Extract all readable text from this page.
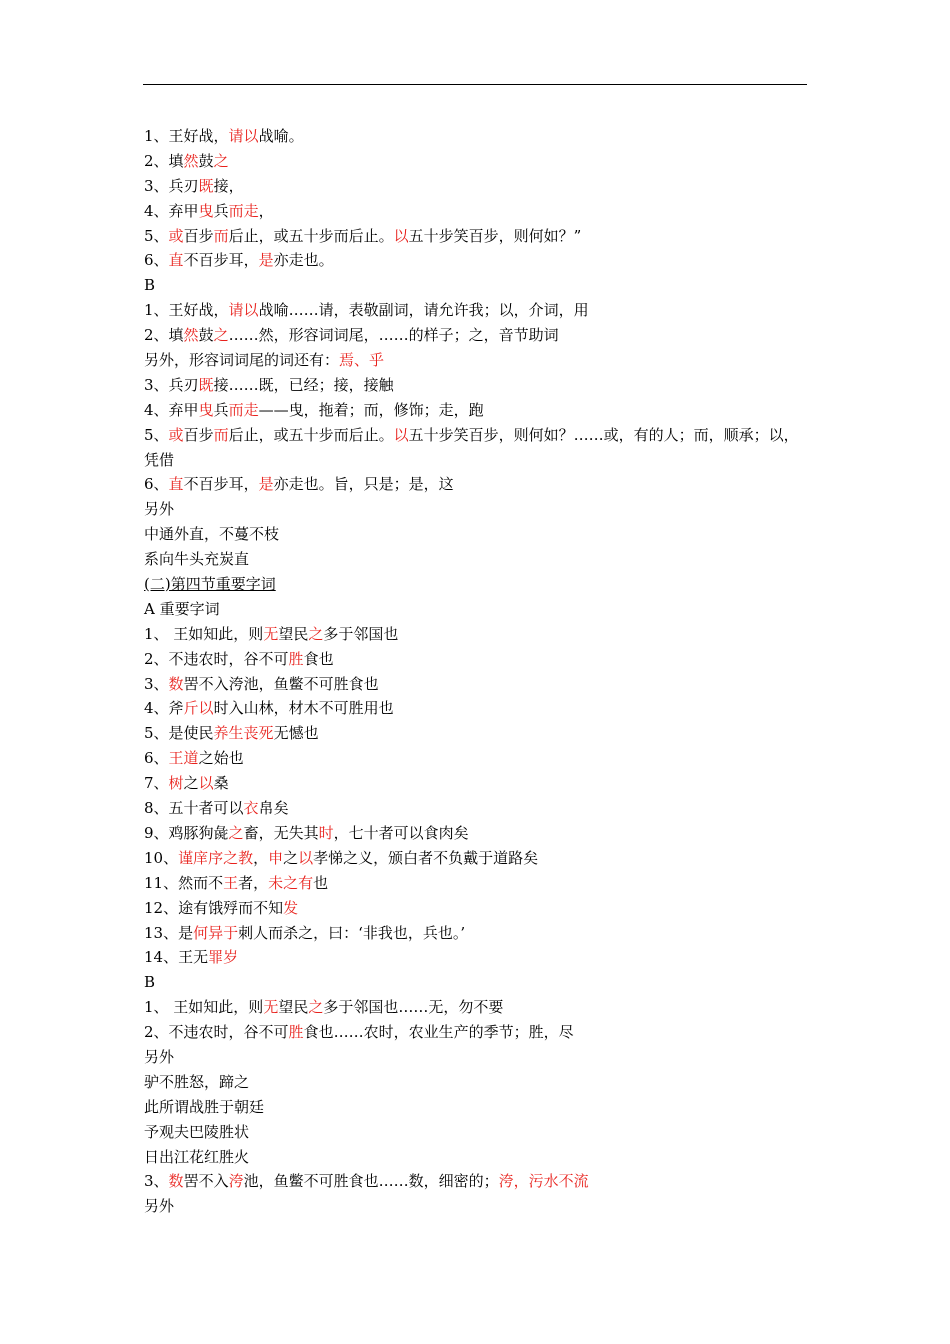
1、王好战，请以战喻。
2、填然鼓之
3、兵刃既接，
4、弃甲曳兵而走，
5、或百步而后止，或五十步而后止。以五十步笑百步，则何如？”
6、直不百步耳，是亦走也。
B
1、王好战，请以战喻……请，表敬副词，请允许我；以，介词，用
2、填然鼓之……然，形容词词尾，……的样子；之，音节助词
另外，形容词词尾的词还有：焉、乎
3、兵刃既接……既，已经；接，接触
4、弃甲曳兵而走——曳，拖着；而，修饰；走，跑
5、或百步而后止，或五十步而后止。以五十步笑百步，则何如？……或，有的人；而，顺承；以，
凭借
6、直不百步耳，是亦走也。旨，只是；是，这
另外
中通外直，不蔓不枝
系向牛头充炭直
(二)第四节重要字词
A 重要字词
1、 王如知此，则无望民之多于邻国也
2、不违农时，谷不可胜食也
3、数罟不入洿池，鱼鳖不可胜食也
4、斧斤以时入山林，材木不可胜用也
5、是使民养生丧死无憾也
6、王道之始也
7、树之以桑
8、五十者可以衣帛矣
9、鸡豚狗彘之畜，无失其时，七十者可以食肉矣
10、谨庠序之教，申之以孝悌之义，颁白者不负戴于道路矣
11、然而不王者，未之有也
12、途有饿殍而不知发
13、是何异于刺人而杀之，曰：‘非我也，兵也。’
14、王无罪岁
B
1、 王如知此，则无望民之多于邻国也……无，勿不要
2、不违农时，谷不可胜食也……农时，农业生产的季节；胜，尽
另外
驴不胜怒，蹄之
此所谓战胜于朝廷
予观夫巴陵胜状
日出江花红胜火
3、数罟不入洿池，鱼鳖不可胜食也……数，细密的；洿，污水不流
另外
